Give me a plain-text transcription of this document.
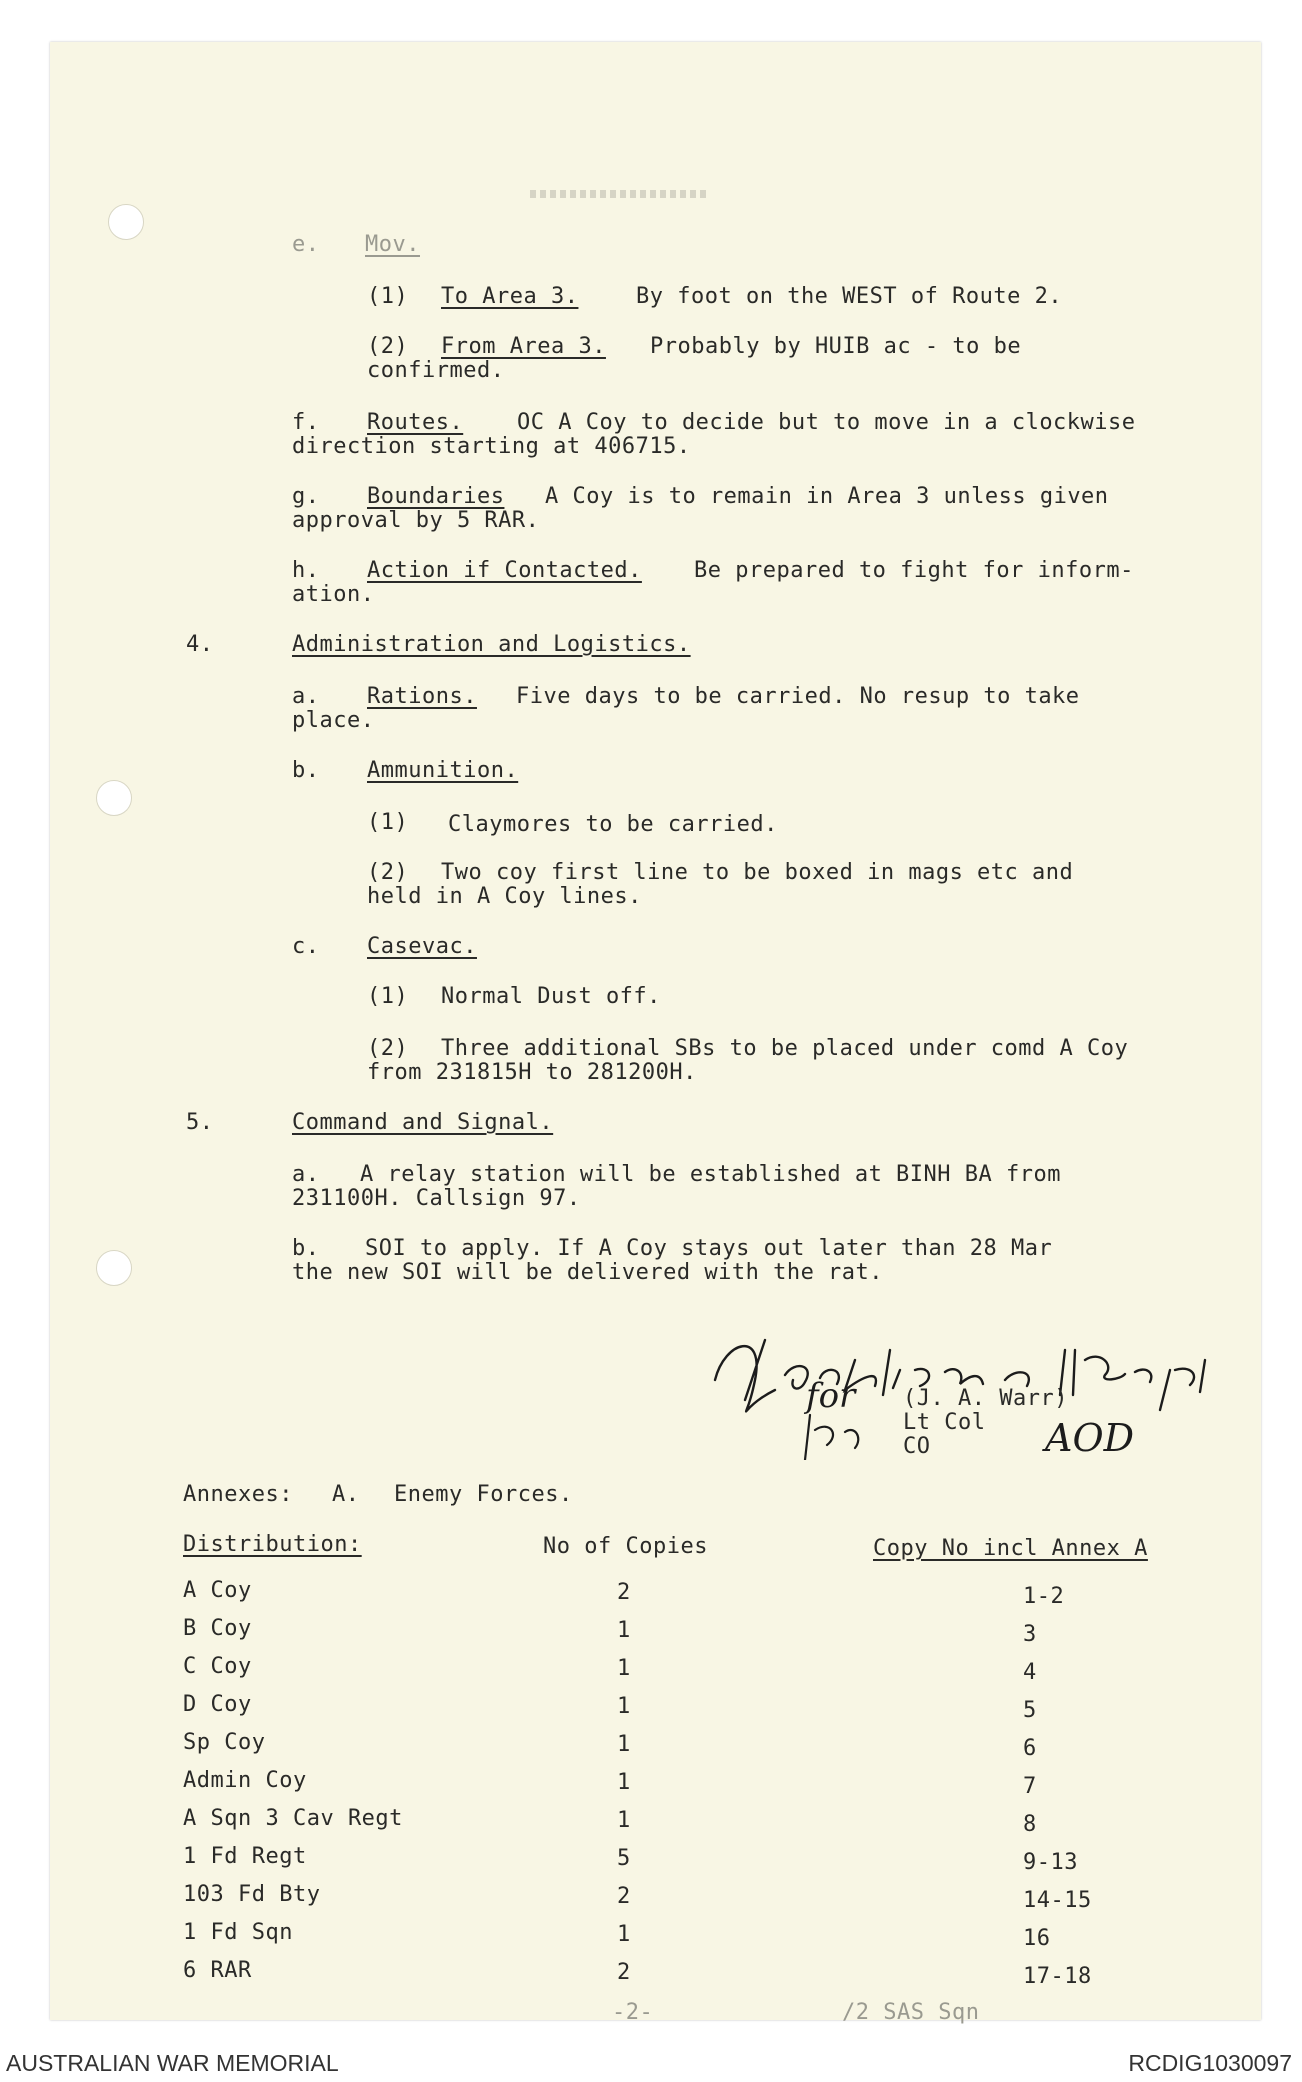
e. Mov.
(1) To Area 3.	By foot on the WEST of Route 2.
(2) From Area 3. Probably by HUIB ac - to be
confirmed.
f. Routes. OC A Coy to decide but to move in a clockwise
direction starting at 406715.
g. Boundaries A Coy is to remain in Area 3 unless given
approval by 5 RAR.
h. Action if Contacted. Be prepared to fight for inform-
ation.
4.	Administration and Logistics.
a. Rations. Five days to be carried. No resup to take
place.
b. Ammunition.
(1) Claymores to be carried.
(2) Two coy first line to be boxed in mags etc and
held in A Coy lines.
c. Casevac.
(1) Normal Dust off.
(2) Three additional SBs to be placed under comd A Coy
from 231815H to 281200H.
5.	Command and Signal.
a. A relay station will be established at BINH BA from
231100H. Callsign 97.
b. SOI to apply. If A Coy stays out later than 28 Mar
the new SOI will be delivered with the rat.
for
AOD
(J. A. Warr)
Lt Col
CO
Annexes: A. Enemy Forces.
Distribution:	No of Copies	Copy No incl Annex A
A Coy	2	1-2
B Coy	1	3
C Coy	1	4
D Coy	1	5
Sp Coy	1	6
Admin Coy	1	7
A Sqn 3 Cav Regt	1	8
1 Fd Regt	5	9-13
103 Fd Bty	2	14-15
1 Fd Sqn	1	16
6 RAR	2	17-18
-2-	/2 SAS Sqn
AUSTRALIAN WAR MEMORIAL	RCDIG1030097
